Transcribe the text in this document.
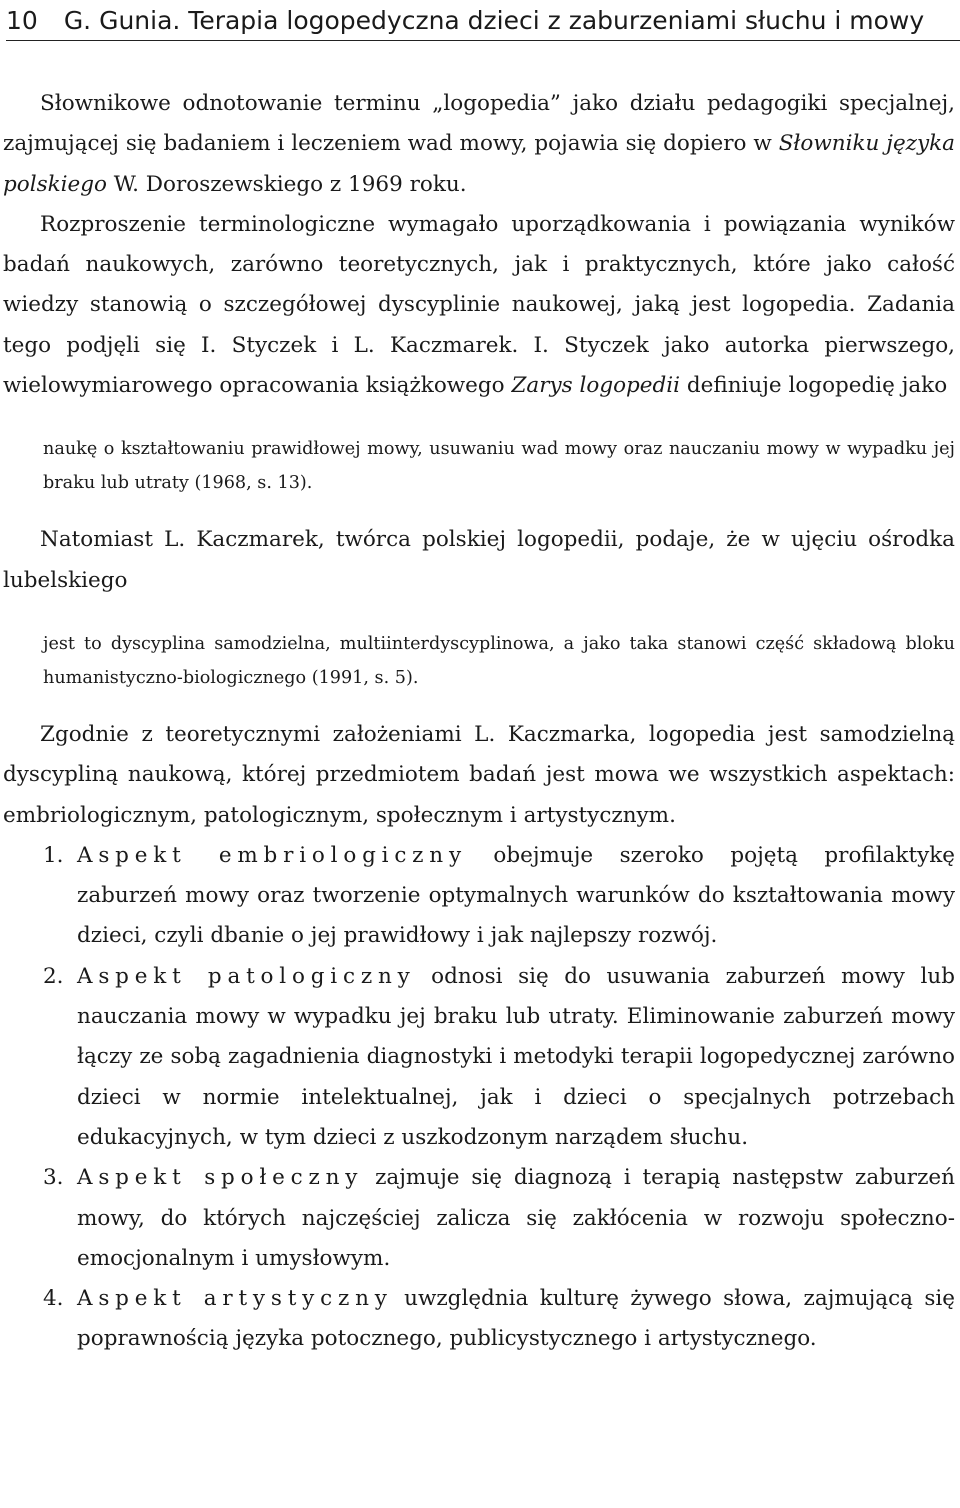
10 G. Gunia. Terapia logopedyczna dzieci z zaburzeniami słuchu i mowy

Słownikowe odnotowanie terminu „logopedia” jako działu pedagogiki specjalnej, zajmującej się badaniem i leczeniem wad mowy, pojawia się dopiero w Słowniku języka polskiego W. Doroszewskiego z 1969 roku.

Rozproszenie terminologiczne wymagało uporządkowania i powiązania wyników badań naukowych, zarówno teoretycznych, jak i praktycznych, które jako całość wiedzy stanowią o szczegółowej dyscyplinie naukowej, jaką jest logopedia. Zadania tego podjęli się I. Styczek i L. Kaczmarek. I. Styczek jako autorka pierwszego, wielowymiarowego opracowania książkowego Zarys logopedii definiuje logopedię jako

naukę o kształtowaniu prawidłowej mowy, usuwaniu wad mowy oraz nauczaniu mowy w wypadku jej braku lub utraty (1968, s. 13).

Natomiast L. Kaczmarek, twórca polskiej logopedii, podaje, że w ujęciu ośrodka lubelskiego

jest to dyscyplina samodzielna, multiinterdyscyplinowa, a jako taka stanowi część składową bloku humanistyczno-biologicznego (1991, s. 5).

Zgodnie z teoretycznymi założeniami L. Kaczmarka, logopedia jest samodzielną dyscypliną naukową, której przedmiotem badań jest mowa we wszystkich aspektach: embriologicznym, patologicznym, społecznym i artystycznym.

1. Aspekt embriologiczny obejmuje szeroko pojętą profilaktykę zaburzeń mowy oraz tworzenie optymalnych warunków do kształtowania mowy dzieci, czyli dbanie o jej prawidłowy i jak najlepszy rozwój.
2. Aspekt patologiczny odnosi się do usuwania zaburzeń mowy lub nauczania mowy w wypadku jej braku lub utraty. Eliminowanie zaburzeń mowy łączy ze sobą zagadnienia diagnostyki i metodyki terapii logopedycznej zarówno dzieci w normie intelektualnej, jak i dzieci o specjalnych potrzebach edukacyjnych, w tym dzieci z uszkodzonym narządem słuchu.
3. Aspekt społeczny zajmuje się diagnozą i terapią następstw zaburzeń mowy, do których najczęściej zalicza się zakłócenia w rozwoju społeczno-emocjonalnym i umysłowym.
4. Aspekt artystyczny uwzględnia kulturę żywego słowa, zajmującą się poprawnością języka potocznego, publicystycznego i artystycznego.
